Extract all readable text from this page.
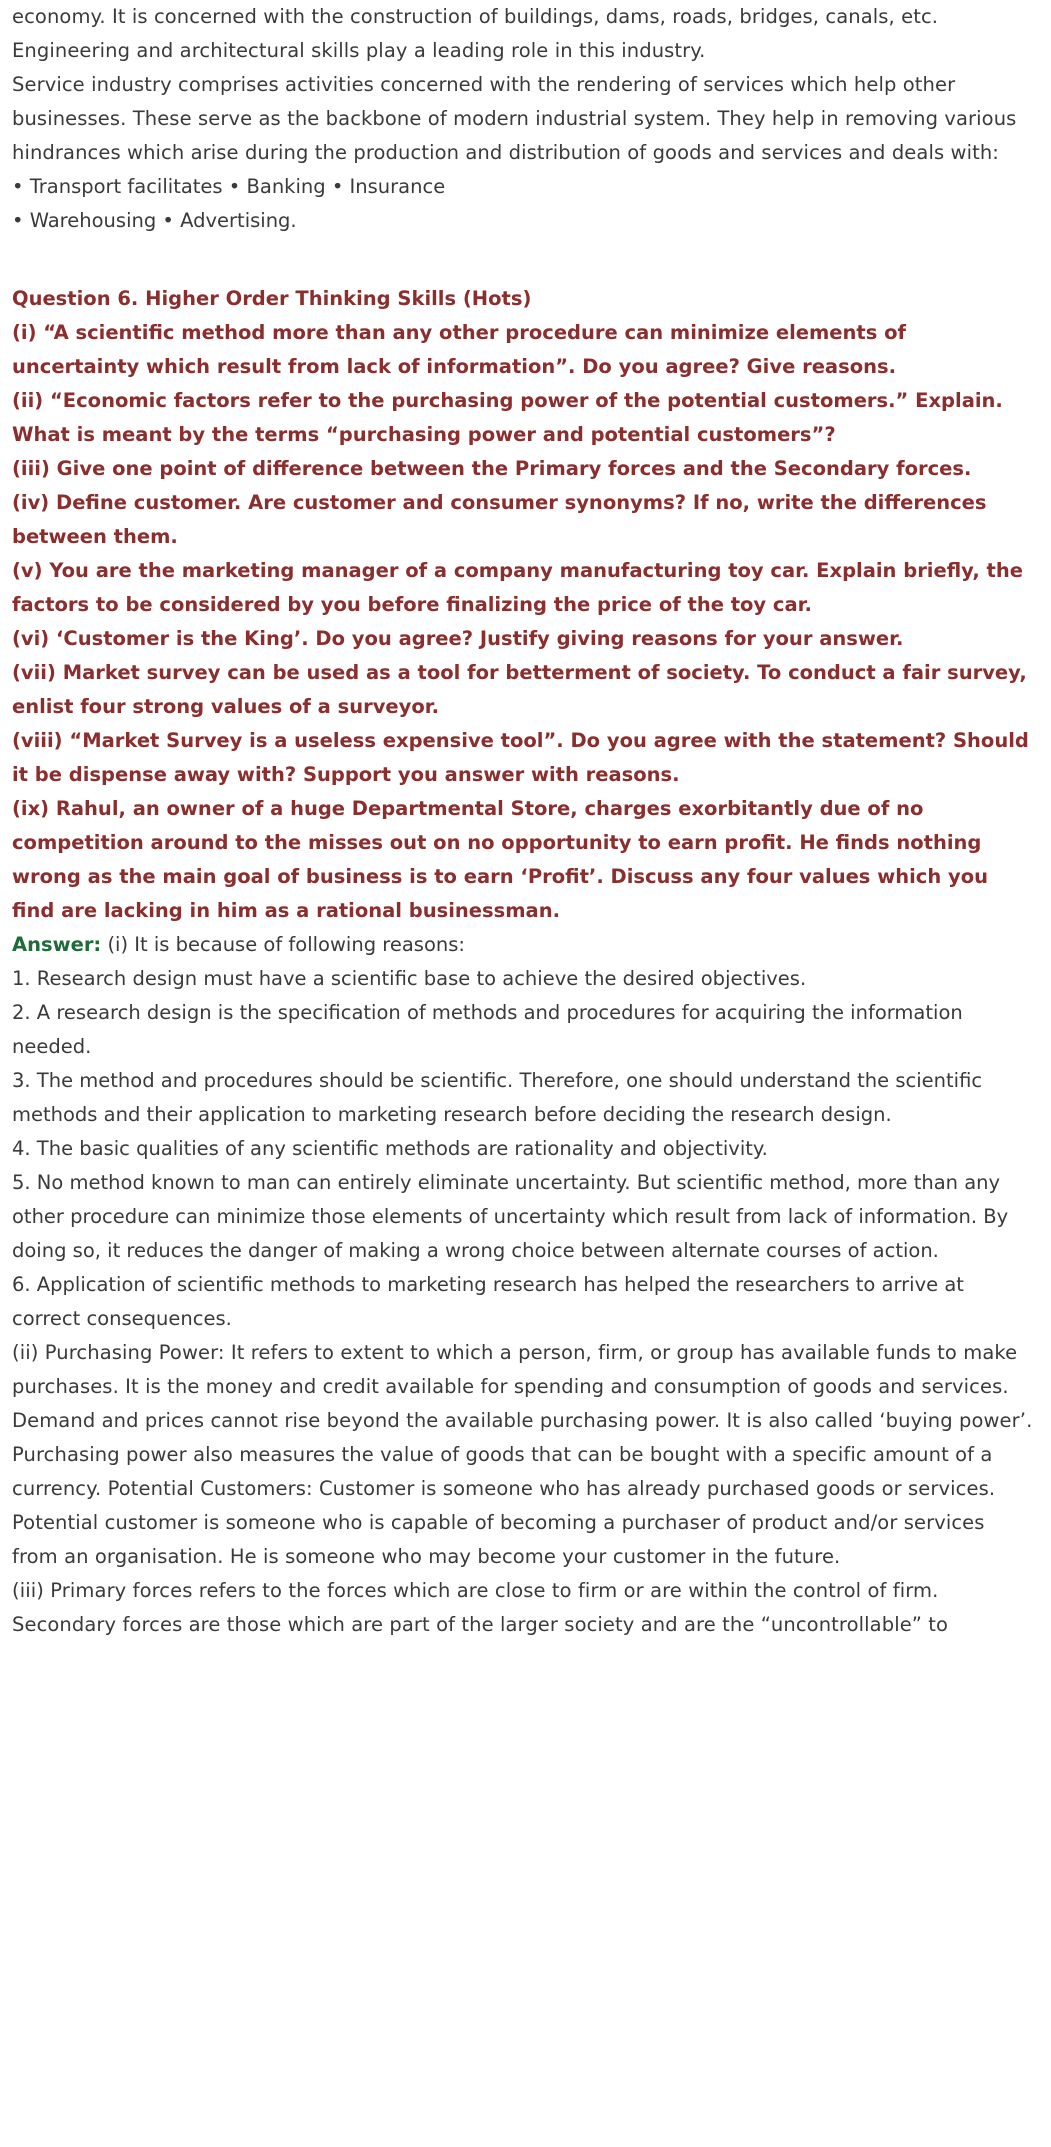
economy. It is concerned with the construction of buildings, dams, roads, bridges, canals, etc. Engineering and architectural skills play a leading role in this industry.

Service industry comprises activities concerned with the rendering of services which help other businesses. These serve as the backbone of modern industrial system. They help in removing various hindrances which arise during the production and distribution of goods and services and deals with:

• Transport facilitates • Banking • Insurance

• Warehousing • Advertising.

Question 6. Higher Order Thinking Skills (Hots)

(i) “A scientific method more than any other procedure can minimize elements of uncertainty which result from lack of information”. Do you agree? Give reasons.

(ii) “Economic factors refer to the purchasing power of the potential customers.” Explain. What is meant by the terms “purchasing power and potential customers”?

(iii) Give one point of difference between the Primary forces and the Secondary forces.

(iv) Define customer. Are customer and consumer synonyms? If no, write the differences between them.

(v) You are the marketing manager of a company manufacturing toy car. Explain briefly, the factors to be considered by you before finalizing the price of the toy car.

(vi) ‘Customer is the King’. Do you agree? Justify giving reasons for your answer.

(vii) Market survey can be used as a tool for betterment of society. To conduct a fair survey, enlist four strong values of a surveyor.

(viii) “Market Survey is a useless expensive tool”. Do you agree with the statement? Should it be dispense away with? Support you answer with reasons.

(ix) Rahul, an owner of a huge Departmental Store, charges exorbitantly due of no competition around to the misses out on no opportunity to earn profit. He finds nothing wrong as the main goal of business is to earn ‘Profit’. Discuss any four values which you find are lacking in him as a rational businessman.

Answer: (i) It is because of following reasons:

1. Research design must have a scientific base to achieve the desired objectives.

2. A research design is the specification of methods and procedures for acquiring the information needed.

3. The method and procedures should be scientific. Therefore, one should understand the scientific methods and their application to marketing research before deciding the research design.

4. The basic qualities of any scientific methods are rationality and objectivity.

5. No method known to man can entirely eliminate uncertainty. But scientific method, more than any other procedure can minimize those elements of uncertainty which result from lack of information. By doing so, it reduces the danger of making a wrong choice between alternate courses of action.

6. Application of scientific methods to marketing research has helped the researchers to arrive at correct consequences.

(ii) Purchasing Power: It refers to extent to which a person, firm, or group has available funds to make purchases. It is the money and credit available for spending and consumption of goods and services. Demand and prices cannot rise beyond the available purchasing power. It is also called ‘buying power’. Purchasing power also measures the value of goods that can be bought with a specific amount of a currency. Potential Customers: Customer is someone who has already purchased goods or services. Potential customer is someone who is capable of becoming a purchaser of product and/or services from an organisation. He is someone who may become your customer in the future.

(iii) Primary forces refers to the forces which are close to firm or are within the control of firm. Secondary forces are those which are part of the larger society and are the “uncontrollable” to
